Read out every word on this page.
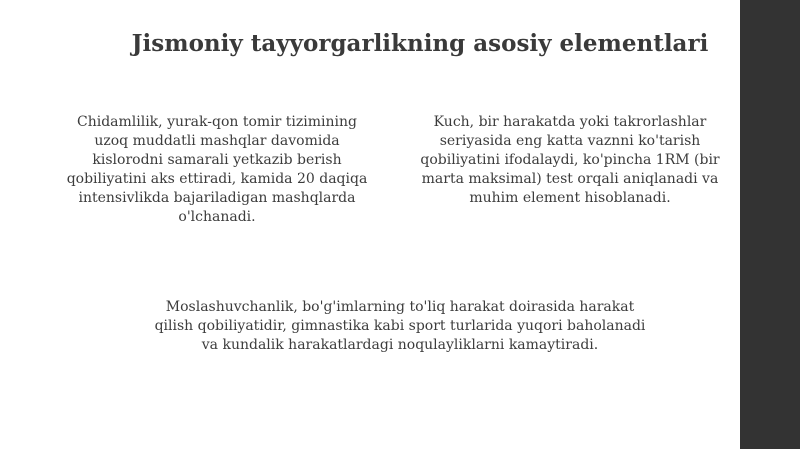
Jismoniy tayyorgarlikning asosiy elementlari

Chidamlilik, yurak-qon tomir tizimining uzoq muddatli mashqlar davomida kislorodni samarali yetkazib berish qobiliyatini aks ettiradi, kamida 20 daqiqa intensivlikda bajariladigan mashqlarda o'lchanadi.

Kuch, bir harakatda yoki takrorlashlar seriyasida eng katta vaznni ko'tarish qobiliyatini ifodalaydi, ko'pincha 1RM (bir marta maksimal) test orqali aniqlanadi va muhim element hisoblanadi.

Moslashuvchanlik, bo'g'imlarning to'liq harakat doirasida harakat qilish qobiliyatidir, gimnastika kabi sport turlarida yuqori baholanadi va kundalik harakatlardagi noqulayliklarni kamaytiradi.
